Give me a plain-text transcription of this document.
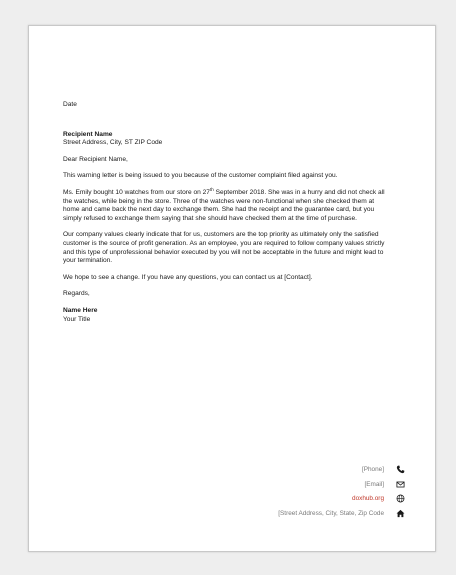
Date

Recipient Name

Street Address, City, ST ZIP Code

Dear Recipient Name,

This warning letter is being issued to you because of the customer complaint filed against you.

Ms. Emily bought 10 watches from our store on 27th September 2018. She was in a hurry and did not check all the watches, while being in the store. Three of the watches were non-functional when she checked them at home and came back the next day to exchange them. She had the receipt and the guarantee card, but you simply refused to exchange them saying that she should have checked them at the time of purchase.

Our company values clearly indicate that for us, customers are the top priority as ultimately only the satisfied customer is the source of profit generation. As an employee, you are required to follow company values strictly and this type of unprofessional behavior executed by you will not be acceptable in the future and might lead to your termination.

We hope to see a change. If you have any questions, you can contact us at [Contact].

Regards,

Name Here

Your Title

[Phone]
[Email]
doxhub.org
[Street Address, City, State, Zip Code
